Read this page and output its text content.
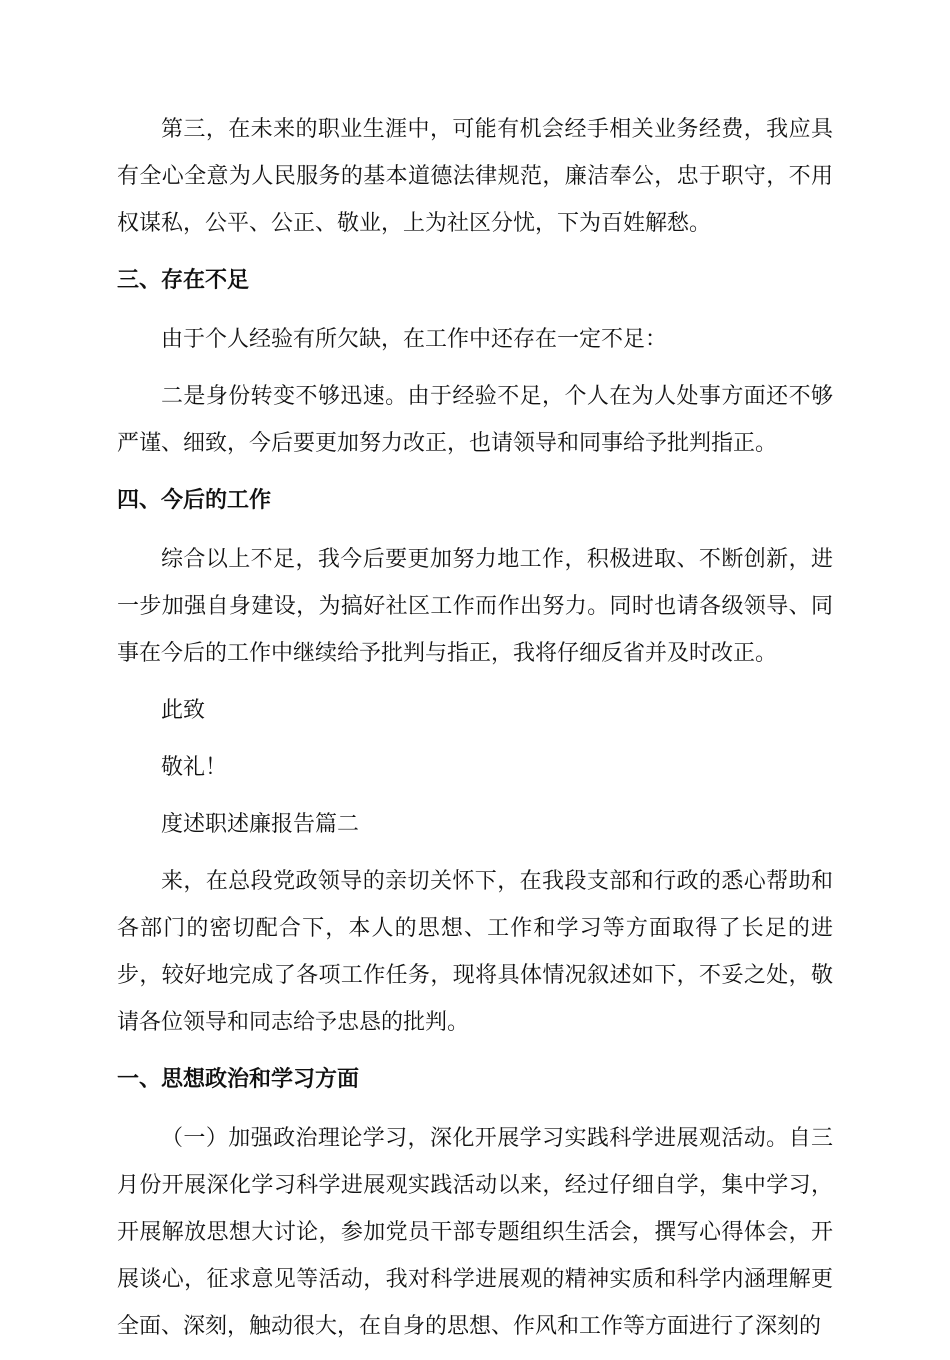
第三，在未来的职业生涯中，可能有机会经手相关业务经费，我应具有全心全意为人民服务的基本道德法律规范，廉洁奉公，忠于职守，不用权谋私，公平、公正、敬业，上为社区分忧，下为百姓解愁。

三、存在不足

由于个人经验有所欠缺，在工作中还存在一定不足：

二是身份转变不够迅速。由于经验不足，个人在为人处事方面还不够严谨、细致，今后要更加努力改正，也请领导和同事给予批判指正。

四、今后的工作

综合以上不足，我今后要更加努力地工作，积极进取、不断创新，进一步加强自身建设，为搞好社区工作而作出努力。同时也请各级领导、同事在今后的工作中继续给予批判与指正，我将仔细反省并及时改正。

此致

敬礼！

度述职述廉报告篇二

来，在总段党政领导的亲切关怀下，在我段支部和行政的悉心帮助和各部门的密切配合下，本人的思想、工作和学习等方面取得了长足的进步，较好地完成了各项工作任务，现将具体情况叙述如下，不妥之处，敬请各位领导和同志给予忠恳的批判。

一、思想政治和学习方面

（一）加强政治理论学习，深化开展学习实践科学进展观活动。自三月份开展深化学习科学进展观实践活动以来，经过仔细自学，集中学习，开展解放思想大讨论，参加党员干部专题组织生活会，撰写心得体会，开展谈心，征求意见等活动，我对科学进展观的精神实质和科学内涵理解更全面、深刻，触动很大，在自身的思想、作风和工作等方面进行了深刻的
